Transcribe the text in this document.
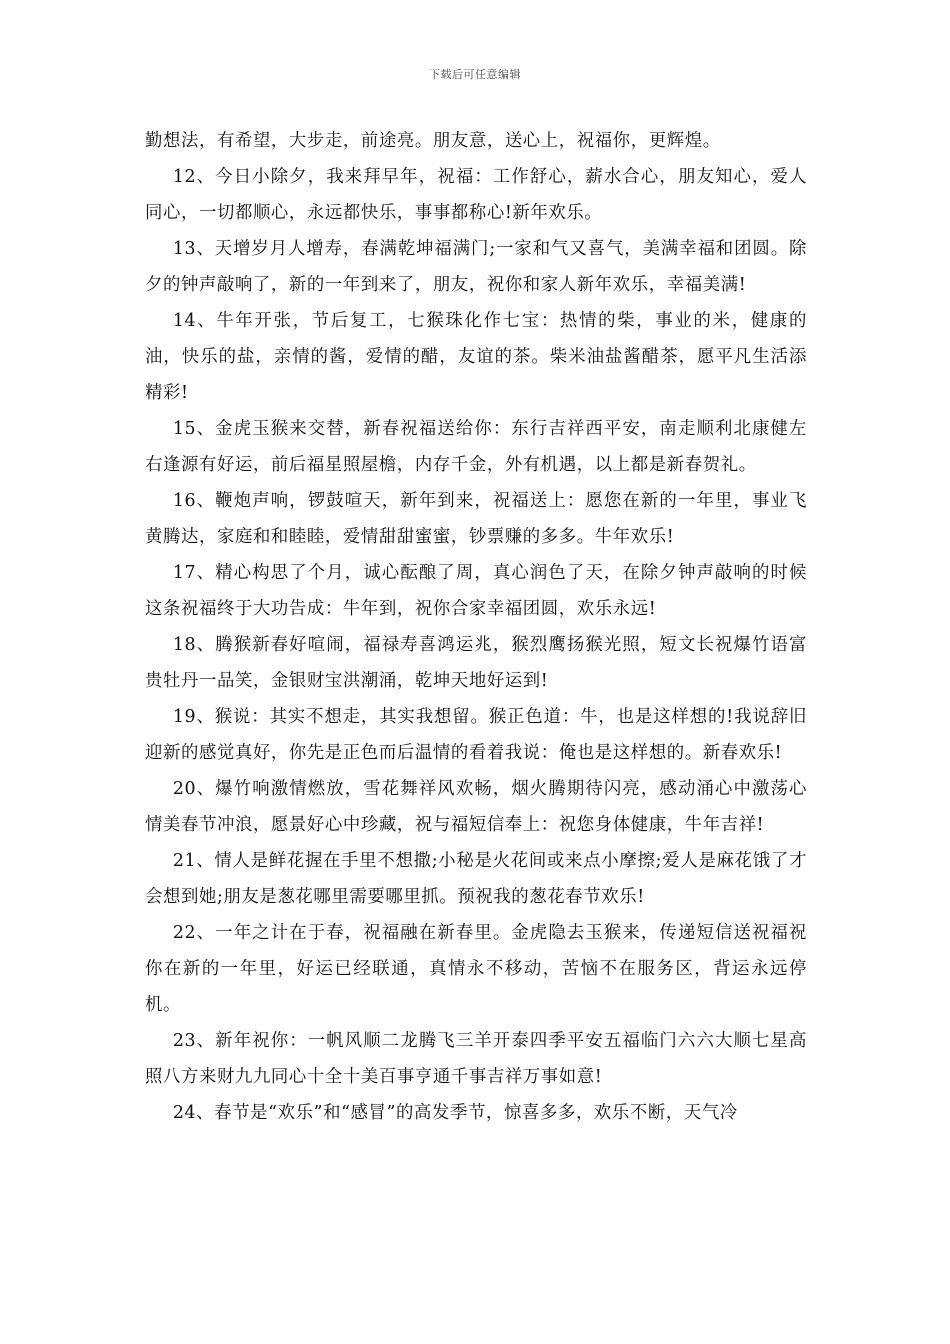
下载后可任意编辑

勤想法，有希望，大步走，前途亮。朋友意，送心上，祝福你，更辉煌。

12、今日小除夕，我来拜早年，祝福：工作舒心，薪水合心，朋友知心，爱人同心，一切都顺心，永远都快乐，事事都称心!新年欢乐。

13、天增岁月人增寿，春满乾坤福满门;一家和气又喜气，美满幸福和团圆。除夕的钟声敲响了，新的一年到来了，朋友，祝你和家人新年欢乐，幸福美满!

14、牛年开张，节后复工，七猴珠化作七宝：热情的柴，事业的米，健康的油，快乐的盐，亲情的酱，爱情的醋，友谊的茶。柴米油盐酱醋茶，愿平凡生活添精彩!

15、金虎玉猴来交替，新春祝福送给你：东行吉祥西平安，南走顺利北康健左右逢源有好运，前后福星照屋檐，内存千金，外有机遇，以上都是新春贺礼。

16、鞭炮声响，锣鼓喧天，新年到来，祝福送上：愿您在新的一年里，事业飞黄腾达，家庭和和睦睦，爱情甜甜蜜蜜，钞票赚的多多。牛年欢乐!

17、精心构思了个月，诚心酝酿了周，真心润色了天，在除夕钟声敲响的时候这条祝福终于大功告成：牛年到，祝你合家幸福团圆，欢乐永远!

18、腾猴新春好喧闹，福禄寿喜鸿运兆，猴烈鹰扬猴光照，短文长祝爆竹语富贵牡丹一品笑，金银财宝洪潮涌，乾坤天地好运到!

19、猴说：其实不想走，其实我想留。猴正色道：牛，也是这样想的!我说辞旧迎新的感觉真好，你先是正色而后温情的看着我说：俺也是这样想的。新春欢乐!

20、爆竹响激情燃放，雪花舞祥风欢畅，烟火腾期待闪亮，感动涌心中激荡心情美春节冲浪，愿景好心中珍藏，祝与福短信奉上：祝您身体健康，牛年吉祥!

21、情人是鲜花握在手里不想撒;小秘是火花间或来点小摩擦;爱人是麻花饿了才会想到她;朋友是葱花哪里需要哪里抓。预祝我的葱花春节欢乐!

22、一年之计在于春，祝福融在新春里。金虎隐去玉猴来，传递短信送祝福祝你在新的一年里，好运已经联通，真情永不移动，苦恼不在服务区，背运永远停机。

23、新年祝你：一帆风顺二龙腾飞三羊开泰四季平安五福临门六六大顺七星高照八方来财九九同心十全十美百事亨通千事吉祥万事如意!

24、春节是“欢乐”和“感冒”的高发季节，惊喜多多，欢乐不断，天气冷
